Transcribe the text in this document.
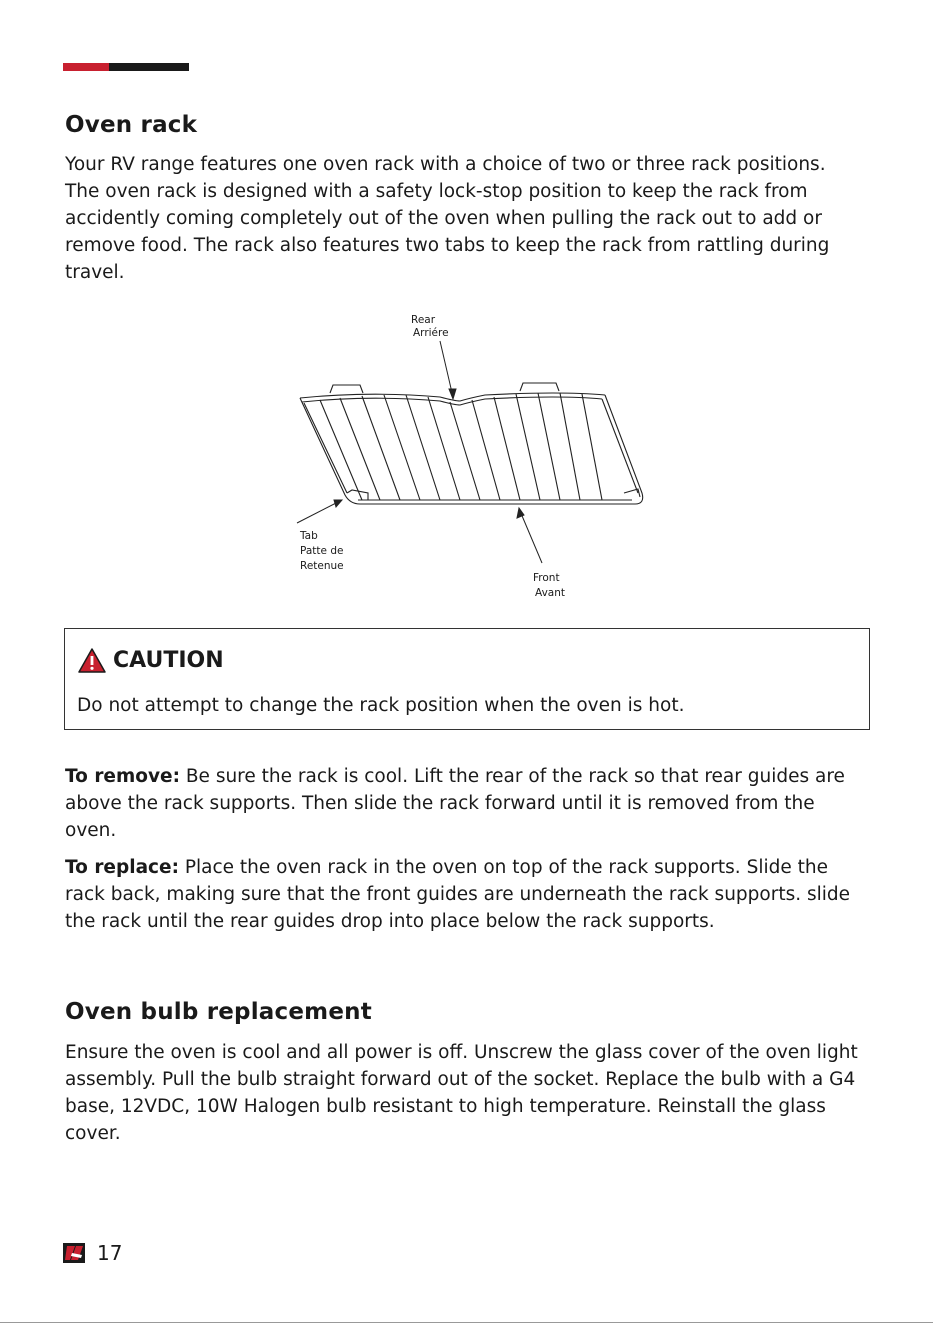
Oven rack

Your RV range features one oven rack with a choice of two or three rack positions. The oven rack is designed with a safety lock-stop position to keep the rack from accidently coming completely out of the oven when pulling the rack out to add or remove food. The rack also features two tabs to keep the rack from rattling during travel.

Rear
Arriére
Tab
Patte de
Retenue
Front
Avant
CAUTION
Do not attempt to change the rack position when the oven is hot.

To remove: Be sure the rack is cool. Lift the rear of the rack so that rear guides are above the rack supports. Then slide the rack forward until it is removed from the oven.

To replace: Place the oven rack in the oven on top of the rack supports. Slide the rack back, making sure that the front guides are underneath the rack supports. slide the rack until the rear guides drop into place below the rack supports.

Oven bulb replacement

Ensure the oven is cool and all power is off. Unscrew the glass cover of the oven light assembly. Pull the bulb straight forward out of the socket. Replace the bulb with a G4 base, 12VDC, 10W Halogen bulb resistant to high temperature. Reinstall the glass cover.

17
